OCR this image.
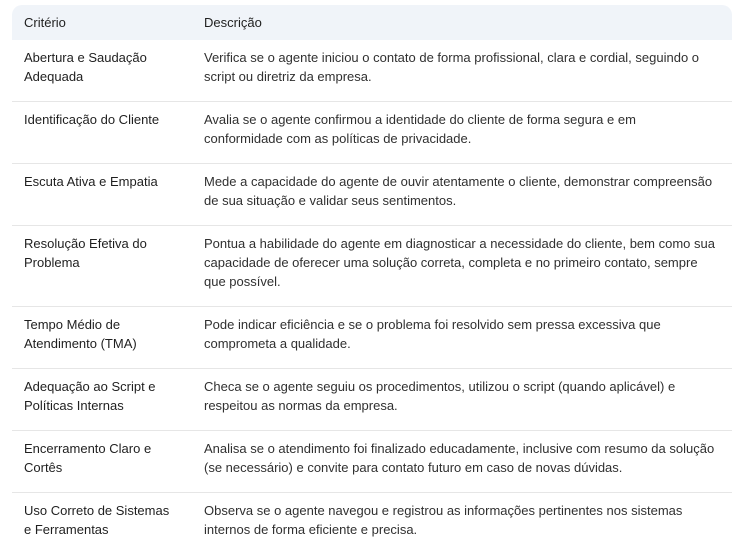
Critério	Descrição
Abertura e Saudação Adequada	Verifica se o agente iniciou o contato de forma profissional, clara e cordial, seguindo o script ou diretriz da empresa.
Identificação do Cliente	Avalia se o agente confirmou a identidade do cliente de forma segura e em conformidade com as políticas de privacidade.
Escuta Ativa e Empatia	Mede a capacidade do agente de ouvir atentamente o cliente, demonstrar compreensão de sua situação e validar seus sentimentos.
Resolução Efetiva do Problema	Pontua a habilidade do agente em diagnosticar a necessidade do cliente, bem como sua capacidade de oferecer uma solução correta, completa e no primeiro contato, sempre que possível.
Tempo Médio de Atendimento (TMA)	Pode indicar eficiência e se o problema foi resolvido sem pressa excessiva que comprometa a qualidade.
Adequação ao Script e Políticas Internas	Checa se o agente seguiu os procedimentos, utilizou o script (quando aplicável) e respeitou as normas da empresa.
Encerramento Claro e Cortês	Analisa se o atendimento foi finalizado educadamente, inclusive com resumo da solução (se necessário) e convite para contato futuro em caso de novas dúvidas.
Uso Correto de Sistemas e Ferramentas	Observa se o agente navegou e registrou as informações pertinentes nos sistemas internos de forma eficiente e precisa.
